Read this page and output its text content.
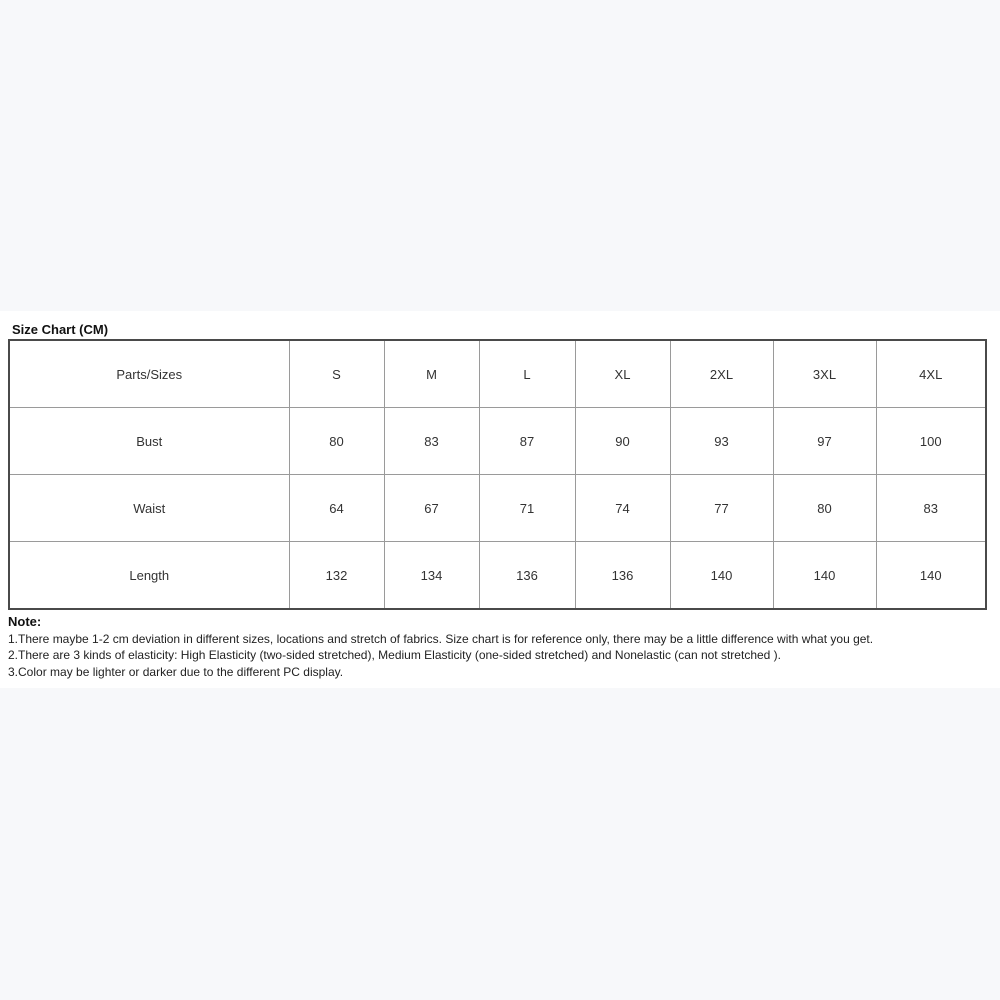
Size Chart (CM)
Parts/Sizes	S	M	L	XL	2XL	3XL	4XL
Bust	80	83	87	90	93	97	100
Waist	64	67	71	74	77	80	83
Length	132	134	136	136	140	140	140
Note:
1.There maybe 1-2 cm deviation in different sizes, locations and stretch of fabrics. Size chart is for reference only, there may be a little difference with what you get.
2.There are 3 kinds of elasticity: High Elasticity (two-sided stretched), Medium Elasticity (one-sided stretched) and Nonelastic (can not stretched ).
3.Color may be lighter or darker due to the different PC display.
